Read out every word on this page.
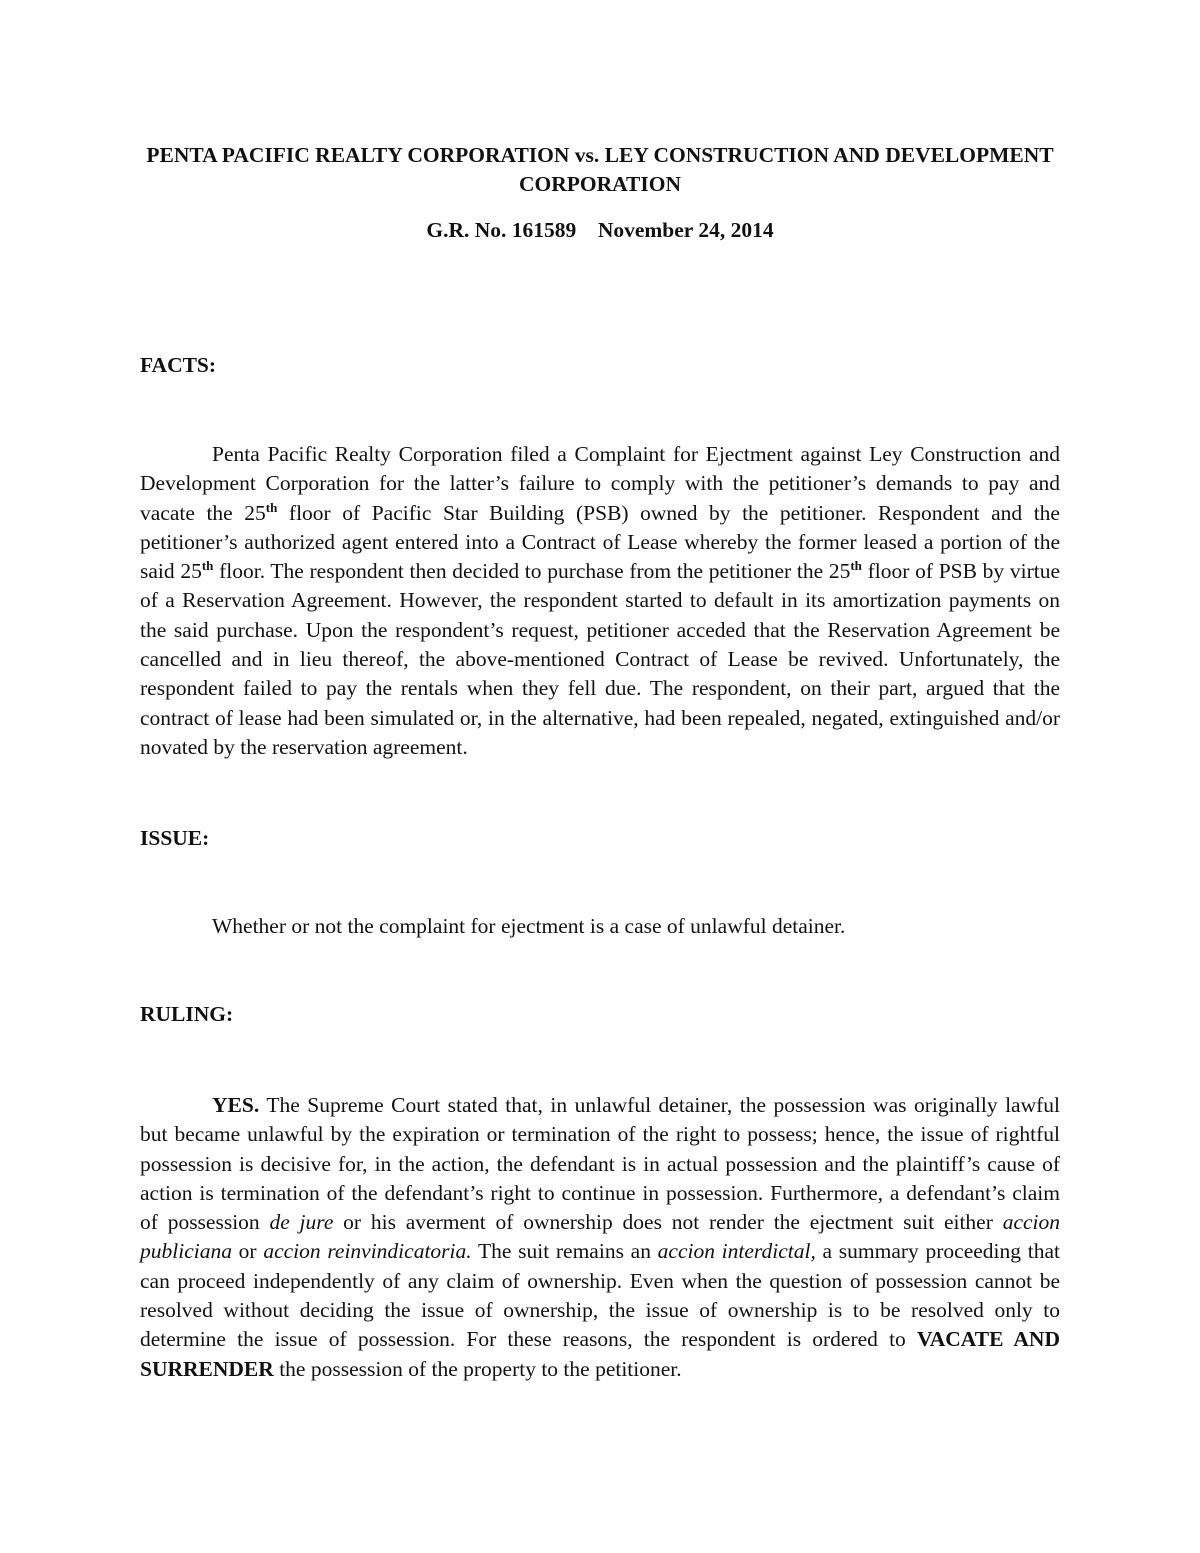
PENTA PACIFIC REALTY CORPORATION vs. LEY CONSTRUCTION AND DEVELOPMENT CORPORATION
G.R. No. 161589 November 24, 2014
FACTS:
Penta Pacific Realty Corporation filed a Complaint for Ejectment against Ley Construction and Development Corporation for the latter’s failure to comply with the petitioner’s demands to pay and vacate the 25th floor of Pacific Star Building (PSB) owned by the petitioner. Respondent and the petitioner’s authorized agent entered into a Contract of Lease whereby the former leased a portion of the said 25th floor. The respondent then decided to purchase from the petitioner the 25th floor of PSB by virtue of a Reservation Agreement. However, the respondent started to default in its amortization payments on the said purchase. Upon the respondent’s request, petitioner acceded that the Reservation Agreement be cancelled and in lieu thereof, the above-mentioned Contract of Lease be revived. Unfortunately, the respondent failed to pay the rentals when they fell due. The respondent, on their part, argued that the contract of lease had been simulated or, in the alternative, had been repealed, negated, extinguished and/or novated by the reservation agreement.
ISSUE:
Whether or not the complaint for ejectment is a case of unlawful detainer.
RULING:
YES. The Supreme Court stated that, in unlawful detainer, the possession was originally lawful but became unlawful by the expiration or termination of the right to possess; hence, the issue of rightful possession is decisive for, in the action, the defendant is in actual possession and the plaintiff’s cause of action is termination of the defendant’s right to continue in possession. Furthermore, a defendant’s claim of possession de jure or his averment of ownership does not render the ejectment suit either accion publiciana or accion reinvindicatoria. The suit remains an accion interdictal, a summary proceeding that can proceed independently of any claim of ownership. Even when the question of possession cannot be resolved without deciding the issue of ownership, the issue of ownership is to be resolved only to determine the issue of possession. For these reasons, the respondent is ordered to VACATE AND SURRENDER the possession of the property to the petitioner.
